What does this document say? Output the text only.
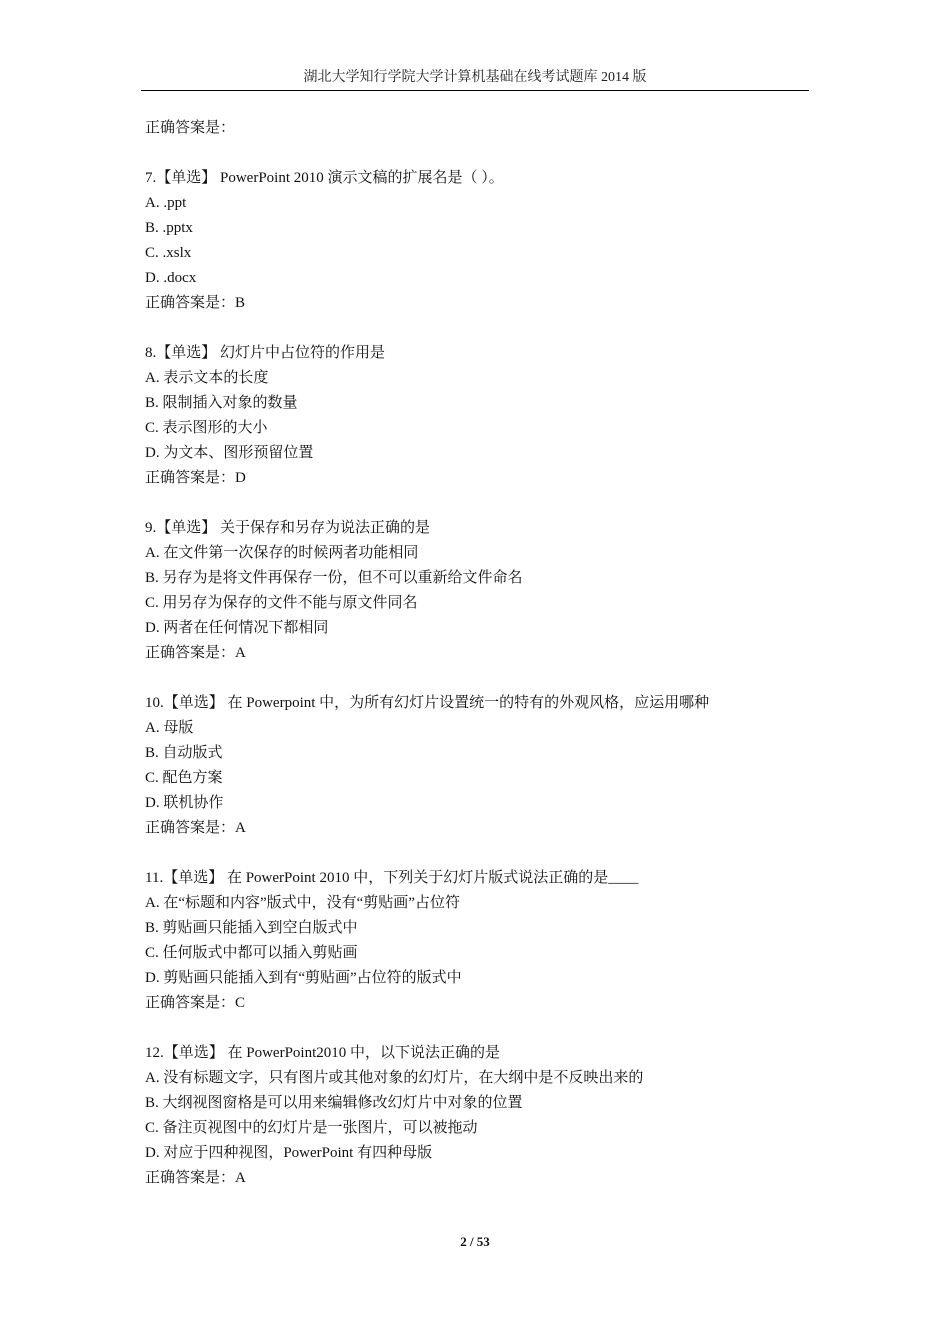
湖北大学知行学院大学计算机基础在线考试题库 2014 版
正确答案是：
7.【单选】 PowerPoint 2010 演示文稿的扩展名是（ ）。
A. .ppt
B. .pptx
C. .xslx
D. .docx
正确答案是：B
8.【单选】 幻灯片中占位符的作用是
A. 表示文本的长度
B. 限制插入对象的数量
C. 表示图形的大小
D. 为文本、图形预留位置
正确答案是：D
9.【单选】 关于保存和另存为说法正确的是
A. 在文件第一次保存的时候两者功能相同
B. 另存为是将文件再保存一份，但不可以重新给文件命名
C. 用另存为保存的文件不能与原文件同名
D. 两者在任何情况下都相同
正确答案是：A
10.【单选】 在 Powerpoint 中，为所有幻灯片设置统一的特有的外观风格，应运用哪种
A. 母版
B. 自动版式
C. 配色方案
D. 联机协作
正确答案是：A
11.【单选】 在 PowerPoint 2010 中，下列关于幻灯片版式说法正确的是____
A. 在“标题和内容”版式中，没有“剪贴画”占位符
B. 剪贴画只能插入到空白版式中
C. 任何版式中都可以插入剪贴画
D. 剪贴画只能插入到有“剪贴画”占位符的版式中
正确答案是：C
12.【单选】 在 PowerPoint2010 中，以下说法正确的是
A. 没有标题文字，只有图片或其他对象的幻灯片，在大纲中是不反映出来的
B. 大纲视图窗格是可以用来编辑修改幻灯片中对象的位置
C. 备注页视图中的幻灯片是一张图片，可以被拖动
D. 对应于四种视图，PowerPoint 有四种母版
正确答案是：A
2 / 53
